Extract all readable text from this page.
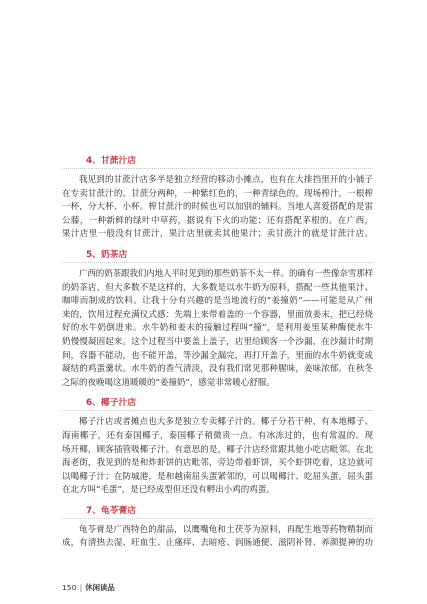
4、甘蔗汁店
我见到的甘蔗汁店多半是独立经营的移动小摊点，也有在大排挡里开的小铺子
在专卖甘蔗汁的。甘蔗分两种，一种紫红色的，一种青绿色的。现场榨汁，一根榨
一杯，分大杯、小杯。榨甘蔗汁的时候也可以加别的辅料。当地人喜爱搭配的是雷
公藤，一种新鲜的绿叶中草药，据说有下火的功能；还有搭配茅根的。在广西，
果汁店里一般没有甘蔗汁，果汁店里就卖其他果汁；卖甘蔗汁的就是甘蔗汁店。
5、奶茶店
广西的奶茶跟我们内地人平时见到的那些奶茶不太一样。的确有一些像奈雪那样
的奶茶店，但大多数不是这样的，大多数是以水牛奶为原料，搭配一些其他果汁、
咖啡而制成的饮料。让我十分有兴趣的是当地流行的“姜撞奶”——可能是从广州
来的，饮用过程充满仪式感：先端上来带着盖的一个容器，里面放姜末，把已经烧
好的水牛奶倒进来。水牛奶和姜末的接触过程叫“撞”，是利用姜里某种酶使水牛
奶慢慢凝固起来。这个过程当中要盖上盖子，店里给顾客一个沙漏，在沙漏计时期
间，容器不能动，也不能开盖，等沙漏全漏完，再打开盖子，里面的水牛奶就变成
凝结的鸡蛋羹状。水牛奶的香气清淡，没有我们常见那种腥味，姜味浓郁。在秋冬
之际的夜晚喝这道暖暖的“姜撞奶”，感觉非常暖心舒服。
6、椰子汁店
椰子汁店或者摊点也大多是独立专卖椰子汁的。椰子分若干种，有本地椰子、
海南椰子，还有泰国椰子，泰国椰子稍微贵一点。有冰冻过的，也有常温的。现
场开椰，顾客插管吸椰子汁。有意思的是，椰子汁店经常跟其他小吃店毗邻。在北
海老街，我见到的是和炸虾饼的店毗邻，旁边带着虾饼，买个虾饼吃着，这边就可
以喝椰子汁；在防城港，是和越南屈头蛋紧邻的，可以喝椰汁、吃屈头蛋。屈头蛋
在北方叫“毛蛋”，是已经成型但还没有孵出小鸡的鸡蛋。
7、龟苓膏店
龟苓膏是广西特色的甜品，以鹰嘴龟和土茯苓为原料，再配生地等药物精制而
成，有清热去湿、旺血生、止瘙痒、去暗疮、润肠通便、滋阴补肾、养颜提神的功
150 | 休闲读品
